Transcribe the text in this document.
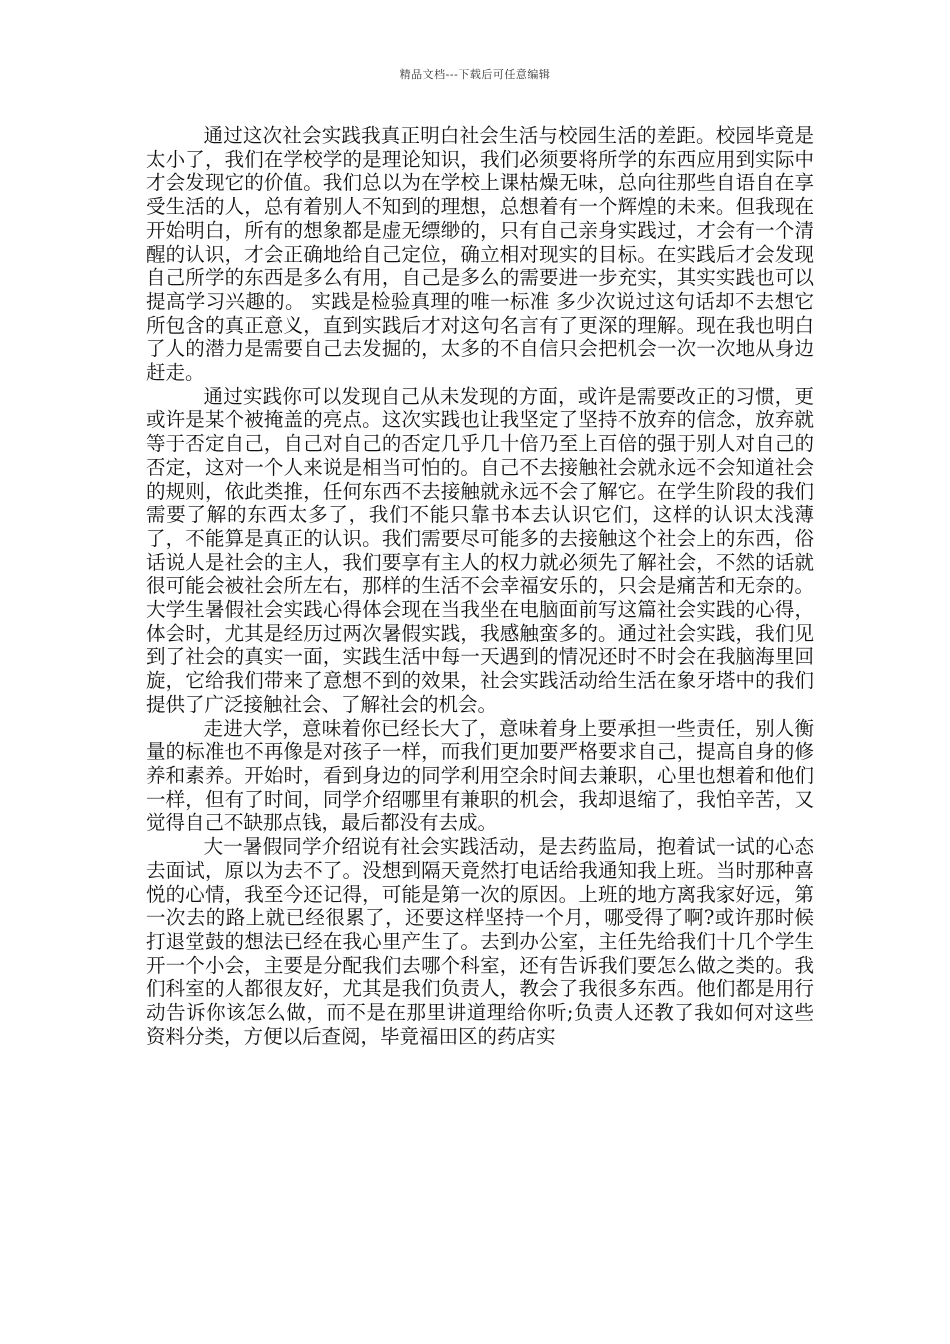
精品文档---下载后可任意编辑

通过这次社会实践我真正明白社会生活与校园生活的差距。校园毕竟是太小了，我们在学校学的是理论知识，我们必须要将所学的东西应用到实际中才会发现它的价值。我们总以为在学校上课枯燥无味，总向往那些自语自在享受生活的人，总有着别人不知到的理想，总想着有一个辉煌的未来。但我现在开始明白，所有的想象都是虚无缥缈的，只有自己亲身实践过，才会有一个清醒的认识，才会正确地给自己定位，确立相对现实的目标。在实践后才会发现自己所学的东西是多么有用，自己是多么的需要进一步充实，其实实践也可以提高学习兴趣的。 实践是检验真理的唯一标准 多少次说过这句话却不去想它所包含的真正意义，直到实践后才对这句名言有了更深的理解。现在我也明白了人的潜力是需要自己去发掘的，太多的不自信只会把机会一次一次地从身边赶走。

通过实践你可以发现自己从未发现的方面，或许是需要改正的习惯，更或许是某个被掩盖的亮点。这次实践也让我坚定了坚持不放弃的信念，放弃就等于否定自己，自己对自己的否定几乎几十倍乃至上百倍的强于别人对自己的否定，这对一个人来说是相当可怕的。自己不去接触社会就永远不会知道社会的规则，依此类推，任何东西不去接触就永远不会了解它。在学生阶段的我们需要了解的东西太多了，我们不能只靠书本去认识它们，这样的认识太浅薄了，不能算是真正的认识。我们需要尽可能多的去接触这个社会上的东西，俗话说人是社会的主人，我们要享有主人的权力就必须先了解社会，不然的话就很可能会被社会所左右，那样的生活不会幸福安乐的，只会是痛苦和无奈的。 大学生暑假社会实践心得体会现在当我坐在电脑面前写这篇社会实践的心得，体会时，尤其是经历过两次暑假实践，我感触蛮多的。通过社会实践，我们见到了社会的真实一面，实践生活中每一天遇到的情况还时不时会在我脑海里回旋，它给我们带来了意想不到的效果，社会实践活动给生活在象牙塔中的我们提供了广泛接触社会、了解社会的机会。

走进大学，意味着你已经长大了，意味着身上要承担一些责任，别人衡量的标准也不再像是对孩子一样，而我们更加要严格要求自己，提高自身的修养和素养。开始时，看到身边的同学利用空余时间去兼职，心里也想着和他们一样，但有了时间，同学介绍哪里有兼职的机会，我却退缩了，我怕辛苦，又觉得自己不缺那点钱，最后都没有去成。

大一暑假同学介绍说有社会实践活动，是去药监局，抱着试一试的心态去面试，原以为去不了。没想到隔天竟然打电话给我通知我上班。当时那种喜悦的心情，我至今还记得，可能是第一次的原因。上班的地方离我家好远，第一次去的路上就已经很累了，还要这样坚持一个月，哪受得了啊?或许那时候打退堂鼓的想法已经在我心里产生了。去到办公室，主任先给我们十几个学生开一个小会，主要是分配我们去哪个科室，还有告诉我们要怎么做之类的。我们科室的人都很友好，尤其是我们负责人，教会了我很多东西。他们都是用行动告诉你该怎么做，而不是在那里讲道理给你听;负责人还教了我如何对这些资料分类，方便以后查阅，毕竟福田区的药店实
